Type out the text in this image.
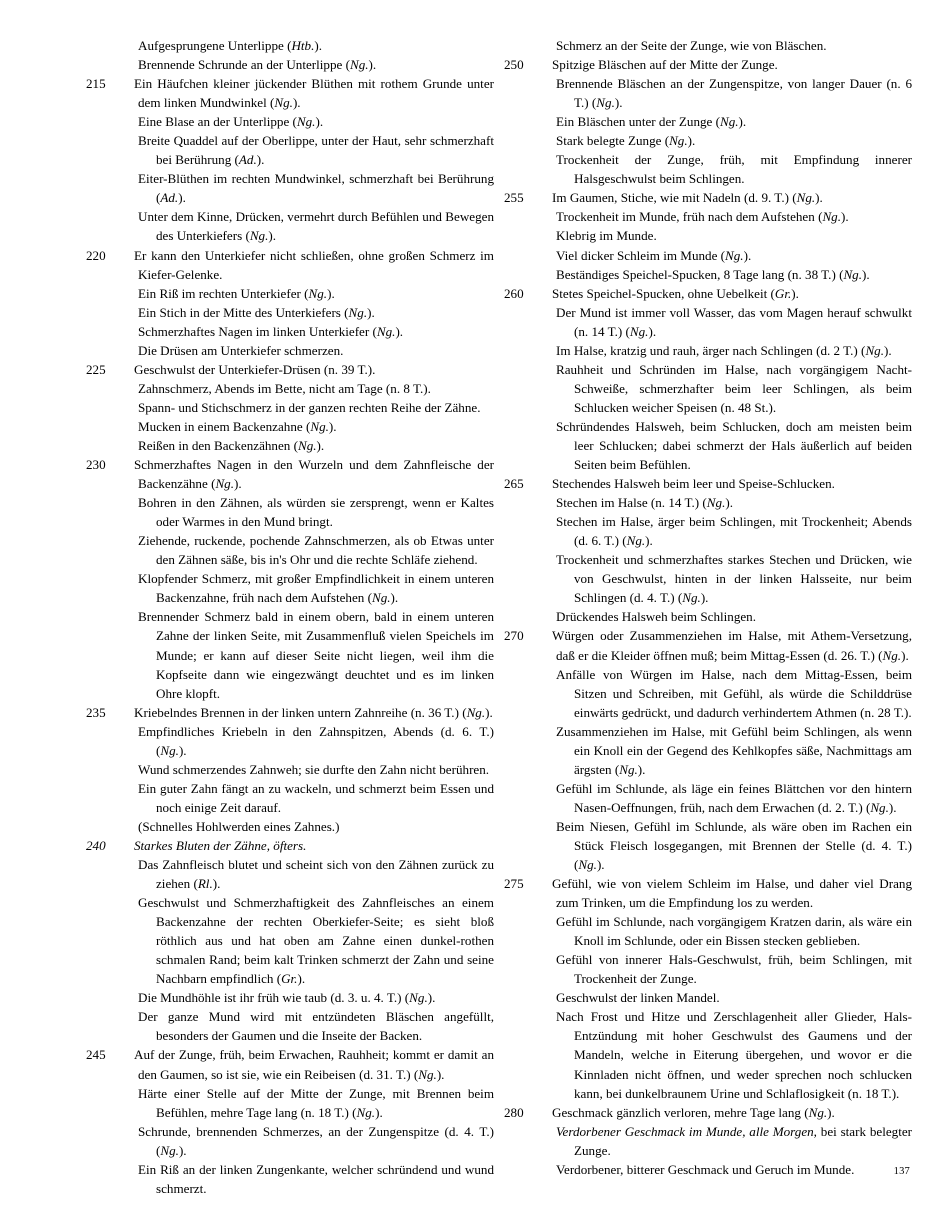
Aufgesprungene Unterlippe (Htb.).

Brennende Schrunde an der Unterlippe (Ng.).

215 Ein Häufchen kleiner jückender Blüthen mit rothem Grunde unter dem linken Mundwinkel (Ng.).

Eine Blase an der Unterlippe (Ng.).

Breite Quaddel auf der Oberlippe, unter der Haut, sehr schmerzhaft bei Berührung (Ad.).

Eiter-Blüthen im rechten Mundwinkel, schmerzhaft bei Berührung (Ad.).

Unter dem Kinne, Drücken, vermehrt durch Befühlen und Bewegen des Unterkiefers (Ng.).

220 Er kann den Unterkiefer nicht schließen, ohne großen Schmerz im Kiefer-Gelenke.

Ein Riß im rechten Unterkiefer (Ng.).

Ein Stich in der Mitte des Unterkiefers (Ng.).

Schmerzhaftes Nagen im linken Unterkiefer (Ng.).

Die Drüsen am Unterkiefer schmerzen.

225 Geschwulst der Unterkiefer-Drüsen (n. 39 T.).

Zahnschmerz, Abends im Bette, nicht am Tage (n. 8 T.).

Spann- und Stichschmerz in der ganzen rechten Reihe der Zähne.

Mucken in einem Backenzahne (Ng.).

Reißen in den Backenzähnen (Ng.).

230 Schmerzhaftes Nagen in den Wurzeln und dem Zahnfleische der Backenzähne (Ng.).

Bohren in den Zähnen, als würden sie zersprengt, wenn er Kaltes oder Warmes in den Mund bringt.

Ziehende, ruckende, pochende Zahnschmerzen, als ob Etwas unter den Zähnen säße, bis in's Ohr und die rechte Schläfe ziehend.

Klopfender Schmerz, mit großer Empfindlichkeit in einem unteren Backenzahne, früh nach dem Aufstehen (Ng.).

Brennender Schmerz bald in einem obern, bald in einem unteren Zahne der linken Seite, mit Zusammenfluß vielen Speichels im Munde; er kann auf dieser Seite nicht liegen, weil ihm die Kopfseite dann wie eingezwängt deuchtet und es im linken Ohre klopft.

235 Kriebelndes Brennen in der linken untern Zahnreihe (n. 36 T.) (Ng.).

Empfindliches Kriebeln in den Zahnspitzen, Abends (d. 6. T.) (Ng.).

Wund schmerzendes Zahnweh; sie durfte den Zahn nicht berühren.

Ein guter Zahn fängt an zu wackeln, und schmerzt beim Essen und noch einige Zeit darauf.

(Schnelles Hohlwerden eines Zahnes.)

240 Starkes Bluten der Zähne, öfters.

Das Zahnfleisch blutet und scheint sich von den Zähnen zurück zu ziehen (Rl.).

Geschwulst und Schmerzhaftigkeit des Zahnfleisches an einem Backenzahne der rechten Oberkiefer-Seite; es sieht bloß röthlich aus und hat oben am Zahne einen dunkel-rothen schmalen Rand; beim kalt Trinken schmerzt der Zahn und seine Nachbarn empfindlich (Gr.).

Die Mundhöhle ist ihr früh wie taub (d. 3. u. 4. T.) (Ng.).

Der ganze Mund wird mit entzündeten Bläschen angefüllt, besonders der Gaumen und die Inseite der Backen.

245 Auf der Zunge, früh, beim Erwachen, Rauhheit; kommt er damit an den Gaumen, so ist sie, wie ein Reibeisen (d. 31. T.) (Ng.).

Härte einer Stelle auf der Mitte der Zunge, mit Brennen beim Befühlen, mehre Tage lang (n. 18 T.) (Ng.).

Schrunde, brennenden Schmerzes, an der Zungenspitze (d. 4. T.) (Ng.).

Ein Riß an der linken Zungenkante, welcher schründend und wund schmerzt.

Schmerz an der Seite der Zunge, wie von Bläschen.

250 Spitzige Bläschen auf der Mitte der Zunge.

Brennende Bläschen an der Zungenspitze, von langer Dauer (n. 6 T.) (Ng.).

Ein Bläschen unter der Zunge (Ng.).

Stark belegte Zunge (Ng.).

Trockenheit der Zunge, früh, mit Empfindung innerer Halsgeschwulst beim Schlingen.

255 Im Gaumen, Stiche, wie mit Nadeln (d. 9. T.) (Ng.).

Trockenheit im Munde, früh nach dem Aufstehen (Ng.).

Klebrig im Munde.

Viel dicker Schleim im Munde (Ng.).

Beständiges Speichel-Spucken, 8 Tage lang (n. 38 T.) (Ng.).

260 Stetes Speichel-Spucken, ohne Uebelkeit (Gr.).

Der Mund ist immer voll Wasser, das vom Magen herauf schwulkt (n. 14 T.) (Ng.).

Im Halse, kratzig und rauh, ärger nach Schlingen (d. 2 T.) (Ng.).

Rauhheit und Schründen im Halse, nach vorgängigem Nacht-Schweiße, schmerzhafter beim leer Schlingen, als beim Schlucken weicher Speisen (n. 48 St.).

Schründendes Halsweh, beim Schlucken, doch am meisten beim leer Schlucken; dabei schmerzt der Hals äußerlich auf beiden Seiten beim Befühlen.

265 Stechendes Halsweh beim leer und Speise-Schlucken.

Stechen im Halse (n. 14 T.) (Ng.).

Stechen im Halse, ärger beim Schlingen, mit Trockenheit; Abends (d. 6. T.) (Ng.).

Trockenheit und schmerzhaftes starkes Stechen und Drücken, wie von Geschwulst, hinten in der linken Halsseite, nur beim Schlingen (d. 4. T.) (Ng.).

Drückendes Halsweh beim Schlingen.

270 Würgen oder Zusammenziehen im Halse, mit Athem-Versetzung, daß er die Kleider öffnen muß; beim Mittag-Essen (d. 26. T.) (Ng.).

Anfälle von Würgen im Halse, nach dem Mittag-Essen, beim Sitzen und Schreiben, mit Gefühl, als würde die Schilddrüse einwärts gedrückt, und dadurch verhindertem Athmen (n. 28 T.).

Zusammenziehen im Halse, mit Gefühl beim Schlingen, als wenn ein Knoll ein der Gegend des Kehlkopfes säße, Nachmittags am ärgsten (Ng.).

Gefühl im Schlunde, als läge ein feines Blättchen vor den hintern Nasen-Oeffnungen, früh, nach dem Erwachen (d. 2. T.) (Ng.).

Beim Niesen, Gefühl im Schlunde, als wäre oben im Rachen ein Stück Fleisch losgegangen, mit Brennen der Stelle (d. 4. T.) (Ng.).

275 Gefühl, wie von vielem Schleim im Halse, und daher viel Drang zum Trinken, um die Empfindung los zu werden.

Gefühl im Schlunde, nach vorgängigem Kratzen darin, als wäre ein Knoll im Schlunde, oder ein Bissen stecken geblieben.

Gefühl von innerer Hals-Geschwulst, früh, beim Schlingen, mit Trockenheit der Zunge.

Geschwulst der linken Mandel.

Nach Frost und Hitze und Zerschlagenheit aller Glieder, Hals-Entzündung mit hoher Geschwulst des Gaumens und der Mandeln, welche in Eiterung übergehen, und wovor er die Kinnladen nicht öffnen, und weder sprechen noch schlucken kann, bei dunkelbraunem Urine und Schlaflosigkeit (n. 18 T.).

280 Geschmack gänzlich verloren, mehre Tage lang (Ng.).

Verdorbener Geschmack im Munde, alle Morgen, bei stark belegter Zunge.

Verdorbener, bitterer Geschmack und Geruch im Munde.	137
